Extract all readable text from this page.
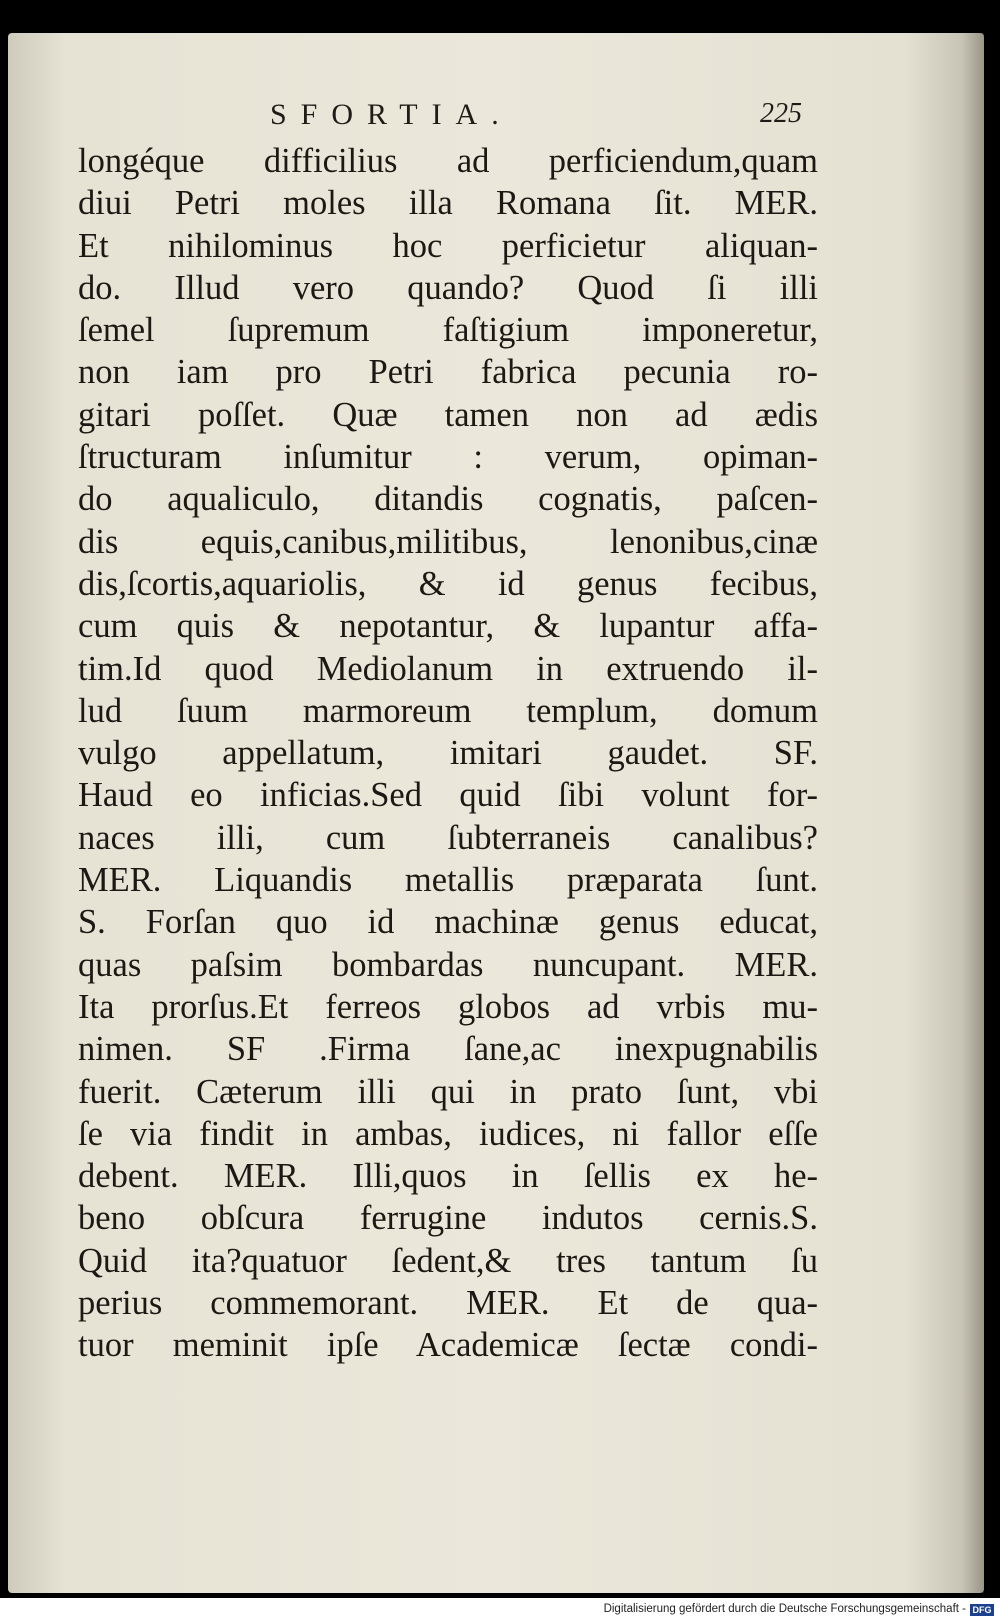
SFORTIA.	225
longéque difficilius ad perficiendum,quam
diui Petri moles illa Romana ſit. MER.
Et nihilominus hoc perficietur aliquan-
do. Illud vero quando? Quod ſi illi
ſemel ſupremum faſtigium imponeretur,
non iam pro Petri fabrica pecunia ro-
gitari poſſet. Quæ tamen non ad ædis
ſtructuram inſumitur : verum, opiman-
do aqualiculo, ditandis cognatis, paſcen-
dis equis,canibus,militibus, lenonibus,cinæ
dis,ſcortis,aquariolis, & id genus fecibus,
cum quis & nepotantur, & lupantur affa-
tim.Id quod Mediolanum in extruendo il-
lud ſuum marmoreum templum, domum
vulgo appellatum, imitari gaudet. SF.
Haud eo inficias.Sed quid ſibi volunt for-
naces illi, cum ſubterraneis canalibus?
MER. Liquandis metallis præparata ſunt.
S. Forſan quo id machinæ genus educat,
quas paſsim bombardas nuncupant. MER.
Ita prorſus.Et ferreos globos ad vrbis mu-
nimen. SF .Firma ſane,ac inexpugnabilis
fuerit. Cæterum illi qui in prato ſunt, vbi
ſe via findit in ambas, iudices, ni fallor eſſe
debent. MER. Illi,quos in ſellis ex he-
beno obſcura ferrugine indutos cernis.S.
Quid ita?quatuor ſedent,& tres tantum ſu
perius commemorant. MER. Et de qua-
tuor meminit ipſe Academicæ ſectæ condi-
Digitalisierung gefördert durch die Deutsche Forschungsgemeinschaft - DFG
